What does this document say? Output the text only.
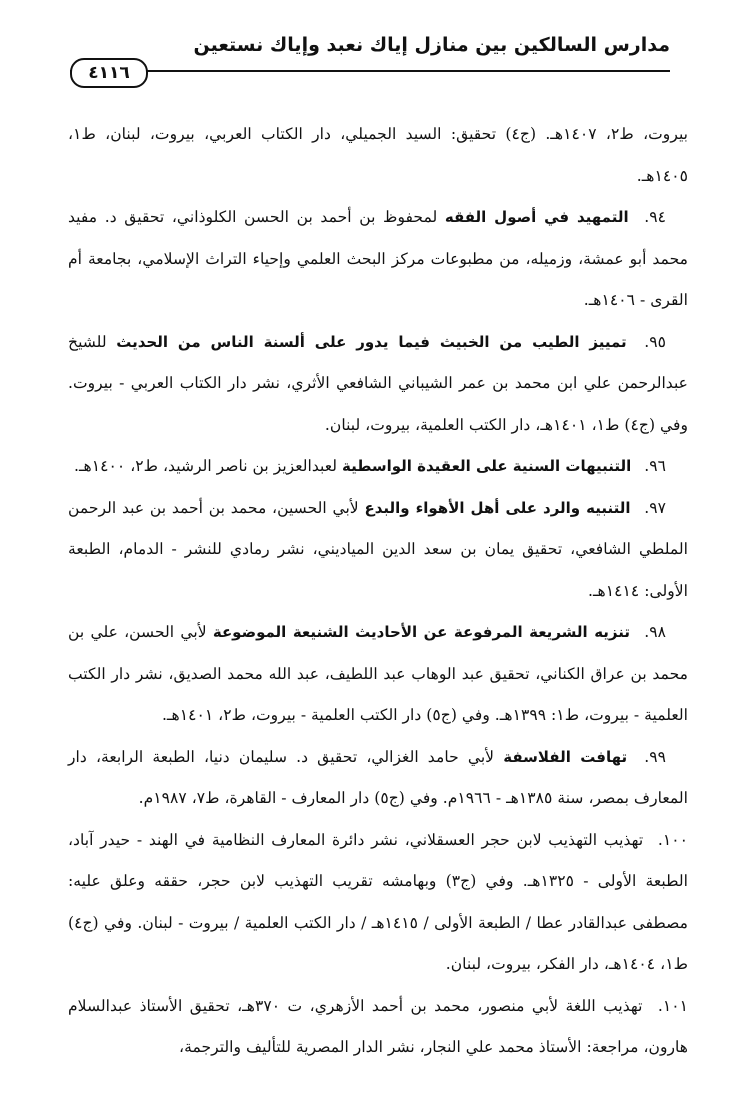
مدارس السالكين بين منازل إياك نعبد وإياك نستعين
٤١١٦

بيروت، ط٢، ١٤٠٧هـ. (ج٤) تحقيق: السيد الجميلي، دار الكتاب العربي، بيروت، لبنان، ط١، ١٤٠٥هـ.

٩٤. التمهيد في أصول الفقه لمحفوظ بن أحمد بن الحسن الكلوذاني، تحقيق د. مفيد محمد أبو عمشة، وزميله، من مطبوعات مركز البحث العلمي وإحياء التراث الإسلامي، بجامعة أم القرى - ١٤٠٦هـ.

٩٥. تمييز الطيب من الخبيث فيما يدور على ألسنة الناس من الحديث للشيخ عبدالرحمن علي ابن محمد بن عمر الشيباني الشافعي الأثري، نشر دار الكتاب العربي - بيروت. وفي (ج٤) ط١، ١٤٠١هـ، دار الكتب العلمية، بيروت، لبنان.

٩٦. التنبيهات السنية على العقيدة الواسطية لعبدالعزيز بن ناصر الرشيد، ط٢، ١٤٠٠هـ.

٩٧. التنبيه والرد على أهل الأهواء والبدع لأبي الحسين، محمد بن أحمد بن عبد الرحمن الملطي الشافعي، تحقيق يمان بن سعد الدين المياديني، نشر رمادي للنشر - الدمام، الطبعة الأولى: ١٤١٤هـ.

٩٨. تنزيه الشريعة المرفوعة عن الأحاديث الشنيعة الموضوعة لأبي الحسن، علي بن محمد بن عراق الكناني، تحقيق عبد الوهاب عبد اللطيف، عبد الله محمد الصديق، نشر دار الكتب العلمية - بيروت، ط١: ١٣٩٩هـ. وفي (ج٥) دار الكتب العلمية - بيروت، ط٢، ١٤٠١هـ.

٩٩. تهافت الفلاسفة لأبي حامد الغزالي، تحقيق د. سليمان دنيا، الطبعة الرابعة، دار المعارف بمصر، سنة ١٣٨٥هـ - ١٩٦٦م. وفي (ج٥) دار المعارف - القاهرة، ط٧، ١٩٨٧م.

١٠٠. تهذيب التهذيب لابن حجر العسقلاني، نشر دائرة المعارف النظامية في الهند - حيدر آباد، الطبعة الأولى - ١٣٢٥هـ. وفي (ج٣) وبهامشه تقريب التهذيب لابن حجر، حققه وعلق عليه: مصطفى عبدالقادر عطا / الطبعة الأولى / ١٤١٥هـ / دار الكتب العلمية / بيروت - لبنان. وفي (ج٤) ط١، ١٤٠٤هـ، دار الفكر، بيروت، لبنان.

١٠١. تهذيب اللغة لأبي منصور، محمد بن أحمد الأزهري، ت ٣٧٠هـ، تحقيق الأستاذ عبدالسلام هارون، مراجعة: الأستاذ محمد علي النجار، نشر الدار المصرية للتأليف والترجمة،
